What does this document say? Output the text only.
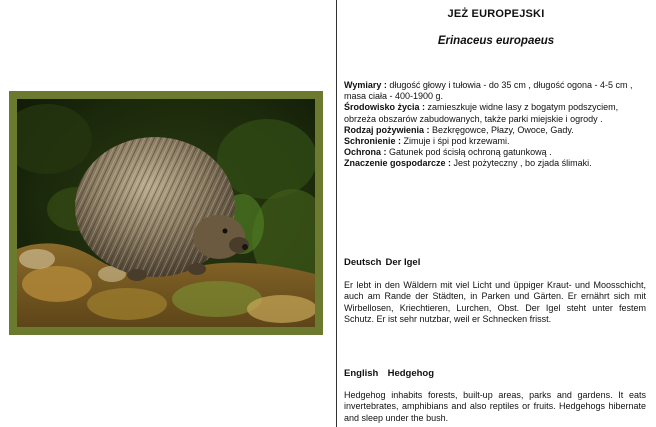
JEŻ EUROPEJSKI
Erinaceus europaeus

Wymiary : długość głowy i tułowia - do 35 cm , długość ogona - 4-5 cm , masa ciała - 400-1900 g.

Środowisko życia : zamieszkuje widne lasy z bogatym podszyciem, obrzeża obszarów zabudowanych, także parki miejskie i ogrody .

Rodzaj pożywienia : Bezkręgowce, Płazy, Owoce, Gady.

Schronienie : Zimuje i śpi pod krzewami.

Ochrona : Gatunek pod ścisłą ochroną gatunkową .

Znaczenie gospodarcze : Jest pożyteczny , bo zjada ślimaki.

Deutsch Der Igel

Er lebt in den Wäldern mit viel Licht und üppiger Kraut- und Moosschicht, auch am Rande der Städten, in Parken und Gärten. Er ernährt sich mit Wirbellosen, Kriechtieren, Lurchen, Obst. Der Igel steht unter festem Schutz. Er ist sehr nutzbar, weil er Schnecken frisst.

English Hedgehog

Hedgehog inhabits forests, built-up areas, parks and gardens. It eats invertebrates, amphibians and also reptiles or fruits. Hedgehogs hibernate and sleep under the bush.
